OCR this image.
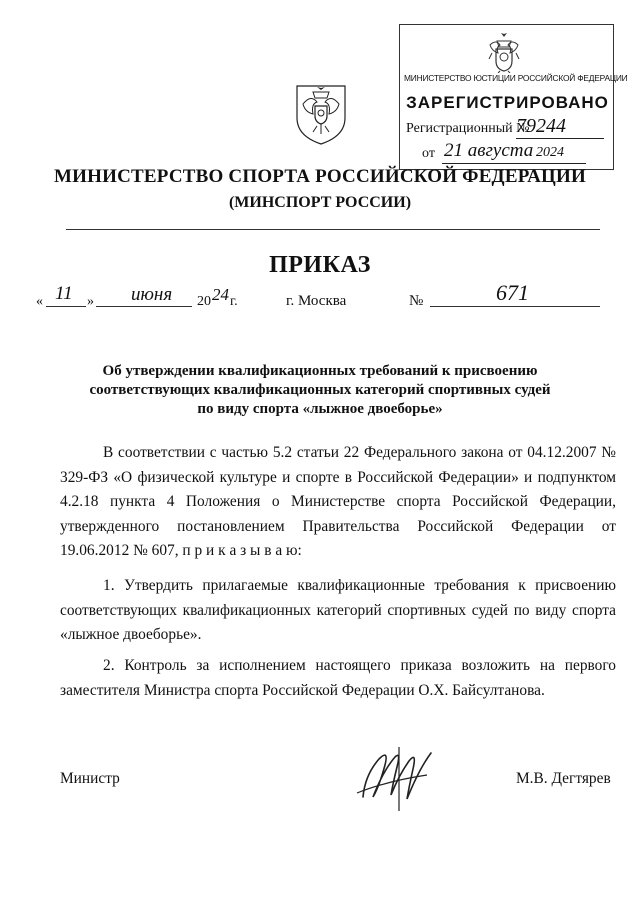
МИНИСТЕРСТВО ЮСТИЦИИ РОССИЙСКОЙ ФЕДЕРАЦИИ
ЗАРЕГИСТРИРОВАНО
Регистрационный №
79244
от 21 августа 2024
МИНИСТЕРСТВО СПОРТА РОССИЙСКОЙ ФЕДЕРАЦИИ
(МИНСПОРТ РОССИИ)
ПРИКАЗ
« 11 » июня 20 24 г.	г. Москва	№	671
Об утверждении квалификационных требований к присвоению
соответствующих квалификационных категорий спортивных судей
по виду спорта «лыжное двоеборье»
В соответствии с частью 5.2 статьи 22 Федерального закона от 04.12.2007 № 329-ФЗ «О физической культуре и спорте в Российской Федерации» и подпунктом 4.2.18 пункта 4 Положения о Министерстве спорта Российской Федерации, утвержденного постановлением Правительства Российской Федерации от 19.06.2012 № 607, п р и к а з ы в а ю:
1. Утвердить прилагаемые квалификационные требования к присвоению соответствующих квалификационных категорий спортивных судей по виду спорта «лыжное двоеборье».
2. Контроль за исполнением настоящего приказа возложить на первого заместителя Министра спорта Российской Федерации О.Х. Байсултанова.
Министр	М.В. Дегтярев
